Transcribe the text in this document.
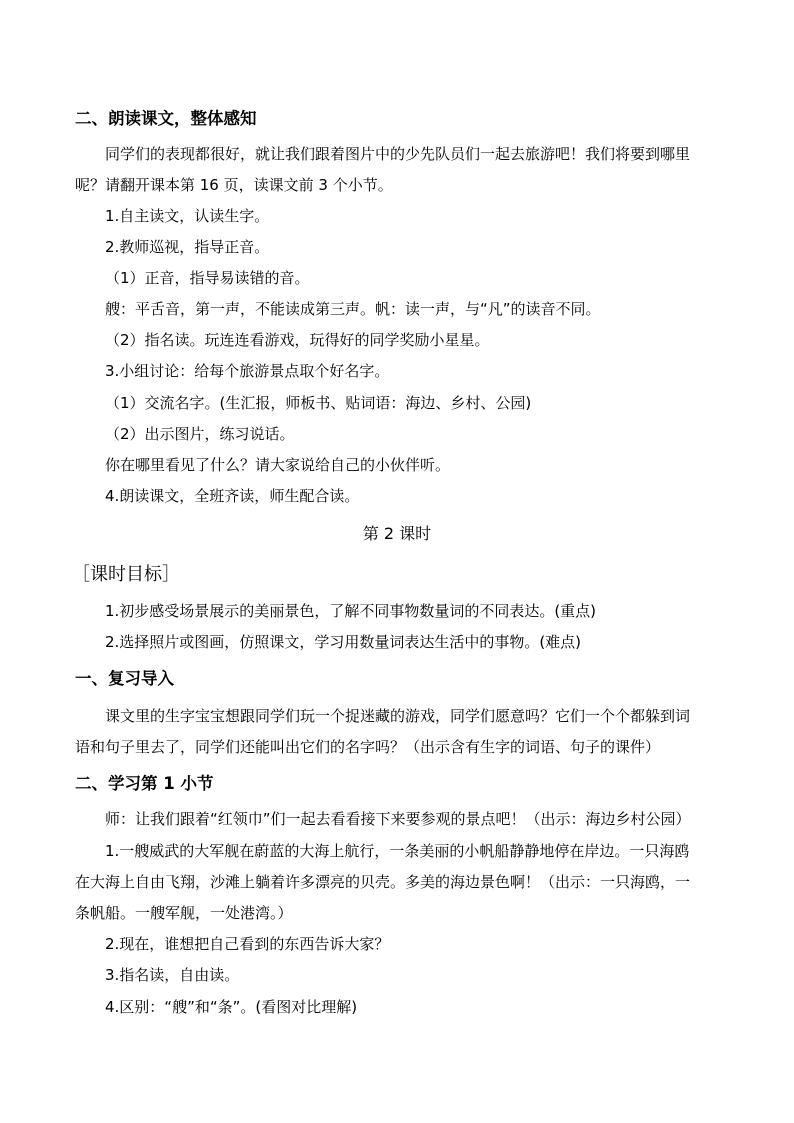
二、朗读课文，整体感知
同学们的表现都很好，就让我们跟着图片中的少先队员们一起去旅游吧！我们将要到哪里
呢？请翻开课本第 16 页，读课文前 3 个小节。
1.自主读文，认读生字。
2.教师巡视，指导正音。
（1）正音，指导易读错的音。
艘：平舌音，第一声，不能读成第三声。帆：读一声，与“凡”的读音不同。
（2）指名读。玩连连看游戏，玩得好的同学奖励小星星。
3.小组讨论：给每个旅游景点取个好名字。
（1）交流名字。(生汇报，师板书、贴词语：海边、乡村、公园)
（2）出示图片，练习说话。
你在哪里看见了什么？请大家说给自己的小伙伴听。
4.朗读课文，全班齐读，师生配合读。
第 2 课时
［课时目标］
1.初步感受场景展示的美丽景色，了解不同事物数量词的不同表达。(重点)
2.选择照片或图画，仿照课文，学习用数量词表达生活中的事物。(难点)
一、复习导入
课文里的生字宝宝想跟同学们玩一个捉迷藏的游戏，同学们愿意吗？它们一个个都躲到词
语和句子里去了，同学们还能叫出它们的名字吗？（出示含有生字的词语、句子的课件）
二、学习第 1 小节
师：让我们跟着“红领巾”们一起去看看接下来要参观的景点吧！（出示：海边乡村公园）
1.一艘威武的大军舰在蔚蓝的大海上航行，一条美丽的小帆船静静地停在岸边。一只海鸥
在大海上自由飞翔，沙滩上躺着许多漂亮的贝壳。多美的海边景色啊！（出示：一只海鸥，一
条帆船。一艘军舰，一处港湾。）
2.现在，谁想把自己看到的东西告诉大家？
3.指名读，自由读。
4.区别：“艘”和“条”。(看图对比理解)
